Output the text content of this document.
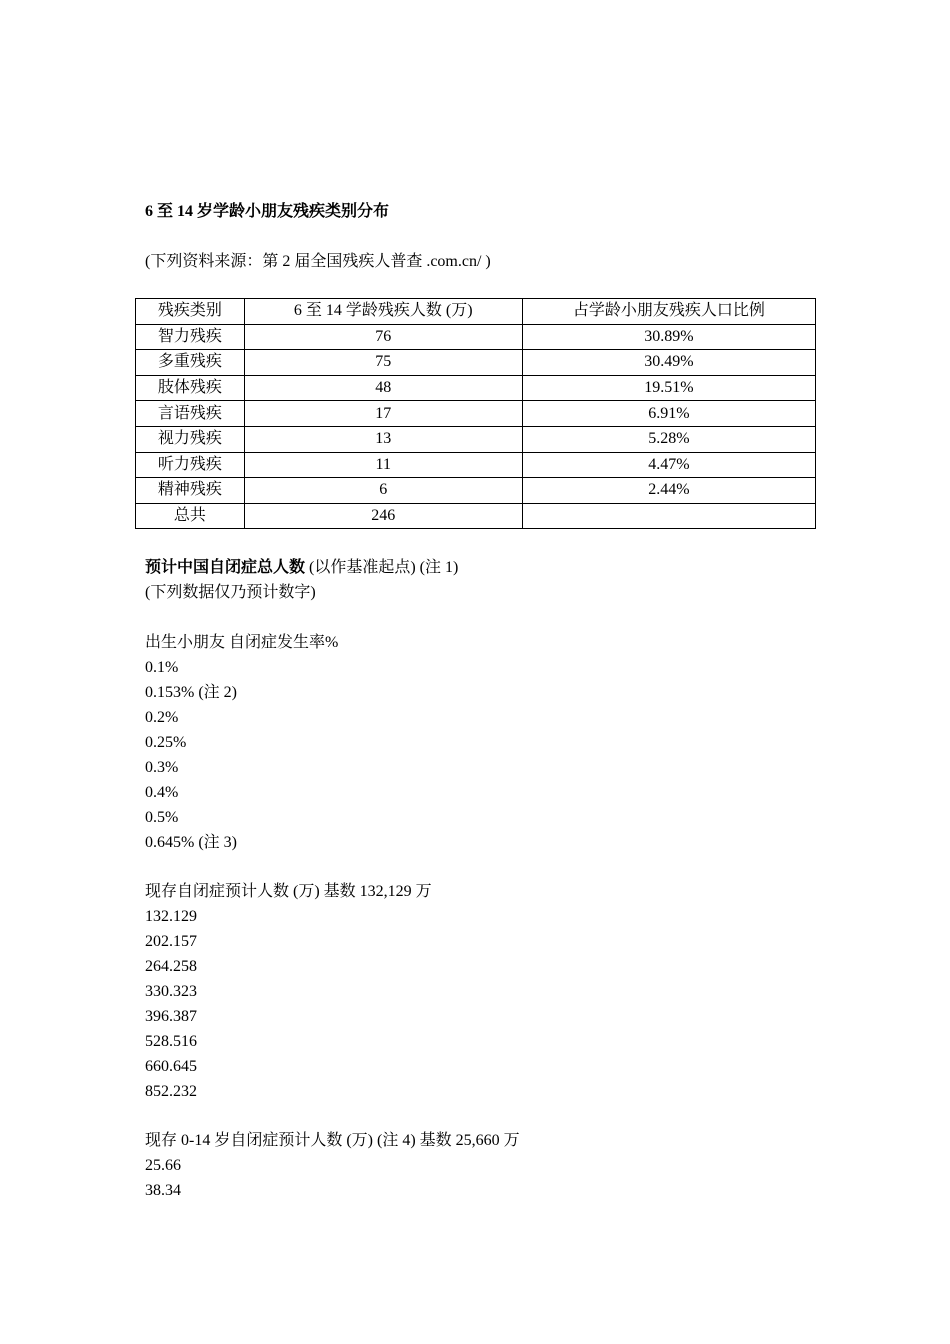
6 至 14 岁学龄小朋友残疾类别分布
(下列资料来源：第 2 届全国残疾人普查 .com.cn/ )
残疾类别	6 至 14 学龄残疾人数 (万)	占学龄小朋友残疾人口比例
智力残疾	76	30.89%
多重残疾	75	30.49%
肢体残疾	48	19.51%
言语残疾	17	6.91%
视力残疾	13	5.28%
听力残疾	11	4.47%
精神残疾	6	2.44%
总共	246	
预计中国自闭症总人数 (以作基准起点) (注 1)
(下列数据仅乃预计数字)
出生小朋友 自闭症发生率%
0.1%
0.153% (注 2)
0.2%
0.25%
0.3%
0.4%
0.5%
0.645% (注 3)
现存自闭症预计人数 (万) 基数 132,129 万
132.129
202.157
264.258
330.323
396.387
528.516
660.645
852.232
现存 0-14 岁自闭症预计人数 (万) (注 4) 基数 25,660 万
25.66
38.34
